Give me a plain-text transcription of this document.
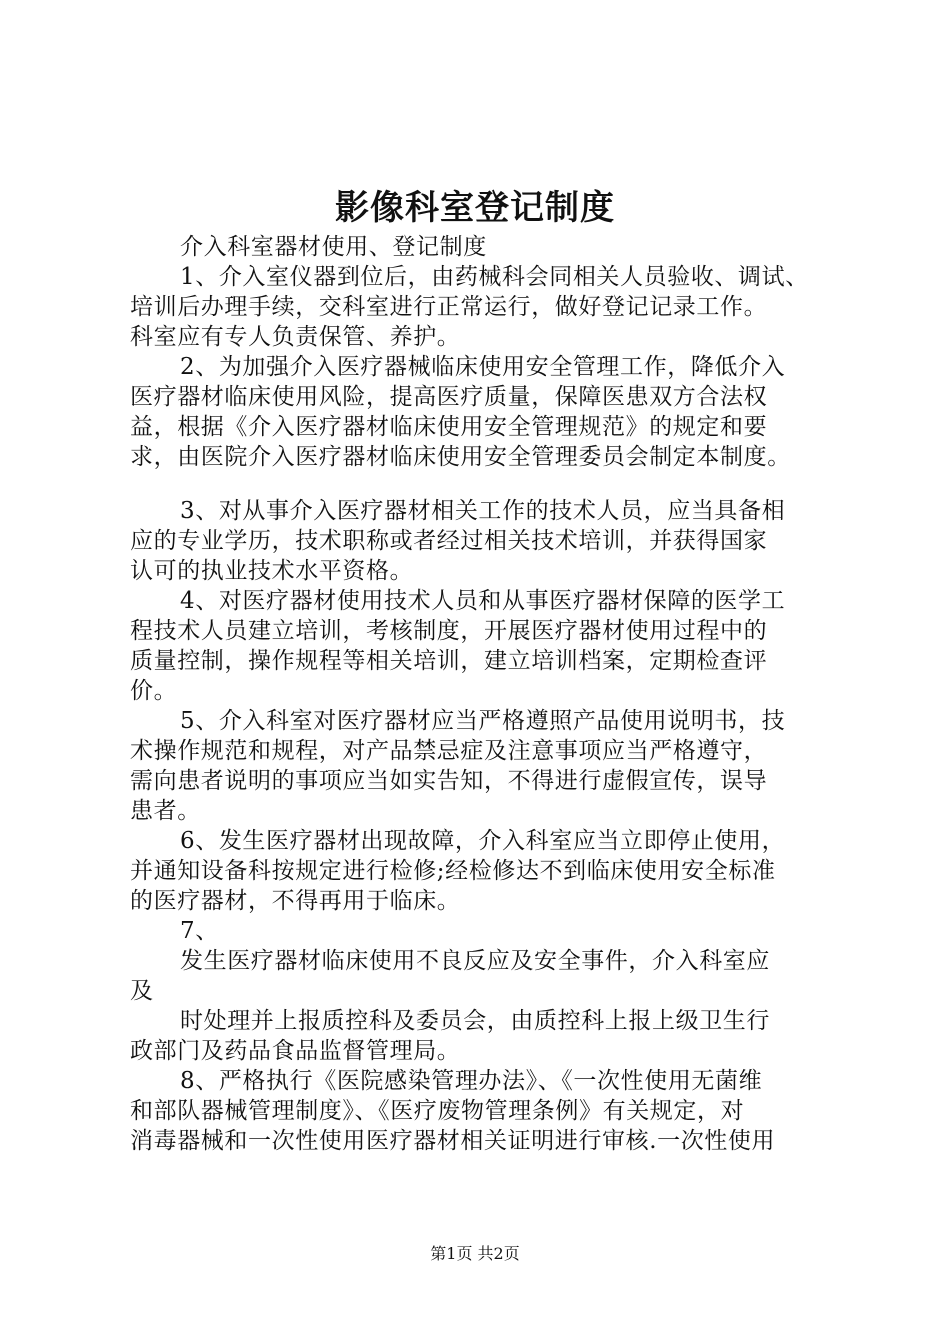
影像科室登记制度
介入科室器材使用、登记制度
1、介入室仪器到位后，由药械科会同相关人员验收、调试、
培训后办理手续，交科室进行正常运行，做好登记记录工作。
科室应有专人负责保管、养护。
2、为加强介入医疗器械临床使用安全管理工作，降低介入
医疗器材临床使用风险，提高医疗质量，保障医患双方合法权
益，根据《介入医疗器材临床使用安全管理规范》的规定和要
求，由医院介入医疗器材临床使用安全管理委员会制定本制度。
3、对从事介入医疗器材相关工作的技术人员，应当具备相
应的专业学历，技术职称或者经过相关技术培训，并获得国家
认可的执业技术水平资格。
4、对医疗器材使用技术人员和从事医疗器材保障的医学工
程技术人员建立培训，考核制度，开展医疗器材使用过程中的
质量控制，操作规程等相关培训，建立培训档案，定期检查评
价。
5、介入科室对医疗器材应当严格遵照产品使用说明书，技
术操作规范和规程，对产品禁忌症及注意事项应当严格遵守，
需向患者说明的事项应当如实告知，不得进行虚假宣传，误导
患者。
6、发生医疗器材出现故障，介入科室应当立即停止使用，
并通知设备科按规定进行检修;经检修达不到临床使用安全标准
的医疗器材，不得再用于临床。
7、
发生医疗器材临床使用不良反应及安全事件，介入科室应
及
时处理并上报质控科及委员会，由质控科上报上级卫生行
政部门及药品食品监督管理局。
8、严格执行《医院感染管理办法》、《一次性使用无菌维
和部队器械管理制度》、《医疗废物管理条例》有关规定，对
消毒器械和一次性使用医疗器材相关证明进行审核.一次性使用
第1页 共2页
